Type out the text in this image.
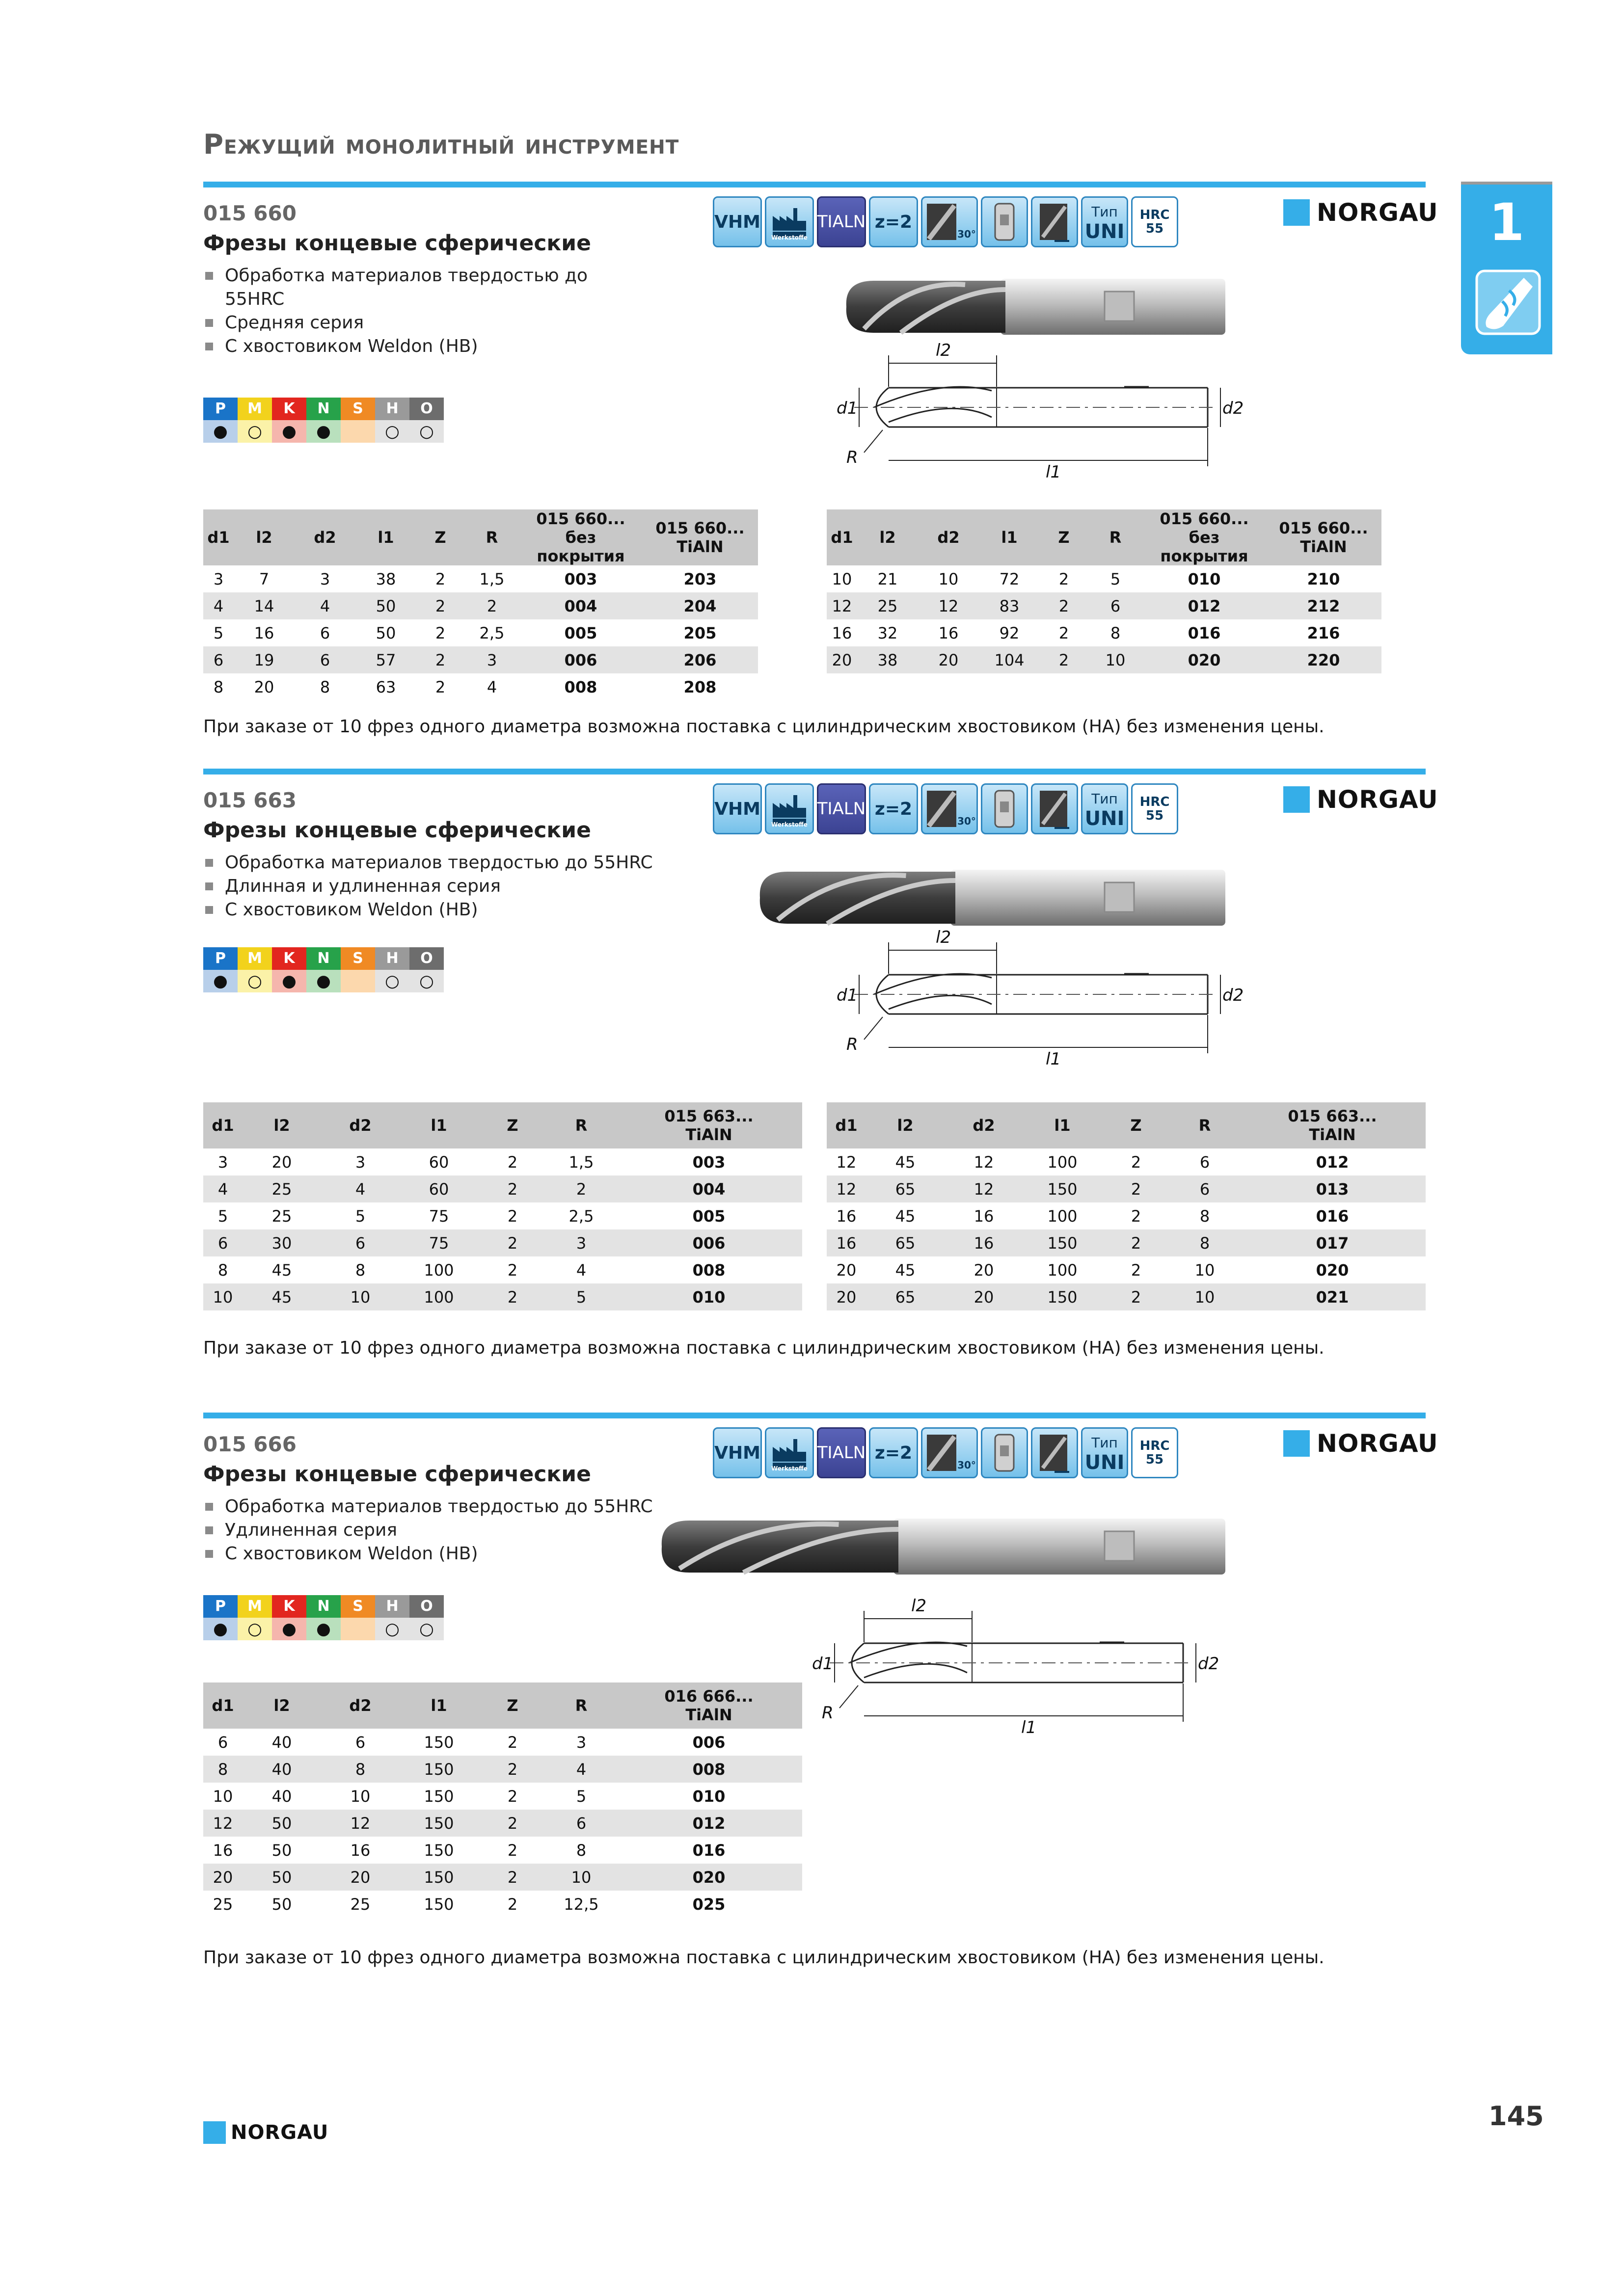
Режущий монолитный инструмент
1
015 660
Фрезы концевые сферические
Обработка материалов твердостью до
55HRC
Средняя серия
С хвостовиком Weldon (HB)
P	M	K	N	S	H	O
●	○	●	●	○	○
VHM
Werkstoffe
TIALN z=2
30°
Тип
UNI
HRC
55
NORGAU
l2
d1	d2
R
l1
d1	l2	d2	l1	Z	R	015 660...
без покрытия	015 660...
TiAlN
3	7	3	38	2	1,5	003	203
4	14	4	50	2	2	004	204
5	16	6	50	2	2,5	005	205
6	19	6	57	2	3	006	206
8	20	8	63	2	4	008	208
d1	l2	d2	l1	Z	R	015 660...
без покрытия	015 660...
TiAlN
10	21	10	72	2	5	010	210
12	25	12	83	2	6	012	212
16	32	16	92	2	8	016	216
20	38	20	104	2	10	020	220
При заказе от 10 фрез одного диаметра возможна поставка с цилиндрическим хвостовиком (HA) без изменения цены.
015 663
Фрезы концевые сферические
Обработка материалов твердостью до 55HRC
Длинная и удлиненная серия
С хвостовиком Weldon (HB)
P	M	K	N	S	H	O
●	○	●	●	○	○
VHM
Werkstoffe
TIALN z=2
30°
Тип
UNI
HRC
55
NORGAU
l2
d1	d2
R
l1
d1	l2	d2	l1	Z	R	015 663...
TiAlN
3	20	3	60	2	1,5	003
4	25	4	60	2	2	004
5	25	5	75	2	2,5	005
6	30	6	75	2	3	006
8	45	8	100	2	4	008
10	45	10	100	2	5	010
d1	l2	d2	l1	Z	R	015 663...
TiAlN
12	45	12	100	2	6	012
12	65	12	150	2	6	013
16	45	16	100	2	8	016
16	65	16	150	2	8	017
20	45	20	100	2	10	020
20	65	20	150	2	10	021
При заказе от 10 фрез одного диаметра возможна поставка с цилиндрическим хвостовиком (HA) без изменения цены.
015 666
Фрезы концевые сферические
Обработка материалов твердостью до 55HRC
Удлиненная серия
С хвостовиком Weldon (HB)
P	M	K	N	S	H	O
●	○	●	●	○	○
VHM
Werkstoffe
TIALN z=2
30°
Тип
UNI
HRC
55
NORGAU
l2
d1	d2
R
l1
d1	l2	d2	l1	Z	R	016 666...
TiAlN
6	40	6	150	2	3	006
8	40	8	150	2	4	008
10	40	10	150	2	5	010
12	50	12	150	2	6	012
16	50	16	150	2	8	016
20	50	20	150	2	10	020
25	50	25	150	2	12,5	025
При заказе от 10 фрез одного диаметра возможна поставка с цилиндрическим хвостовиком (HA) без изменения цены.
NORGAU
145
